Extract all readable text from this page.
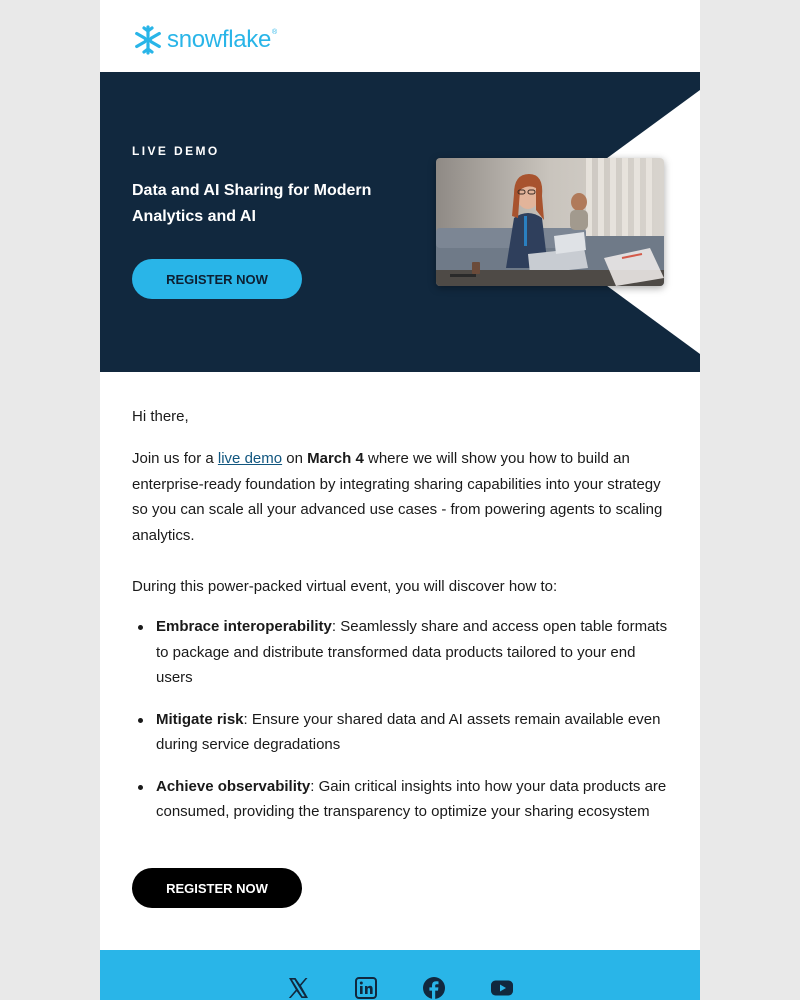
snowflake ®
LIVE DEMO
Data and AI Sharing for Modern Analytics and AI
REGISTER NOW

Hi there,

Join us for a live demo on March 4 where we will show you how to build an enterprise-ready foundation by integrating sharing capabilities into your strategy so you can scale all your advanced use cases - from powering agents to scaling analytics.

During this power-packed virtual event, you will discover how to:

Embrace interoperability: Seamlessly share and access open table formats to package and distribute transformed data products tailored to your end users
Mitigate risk: Ensure your shared data and AI assets remain available even during service degradations
Achieve observability: Gain critical insights into how your data products are consumed, providing the transparency to optimize your sharing ecosystem
REGISTER NOW
